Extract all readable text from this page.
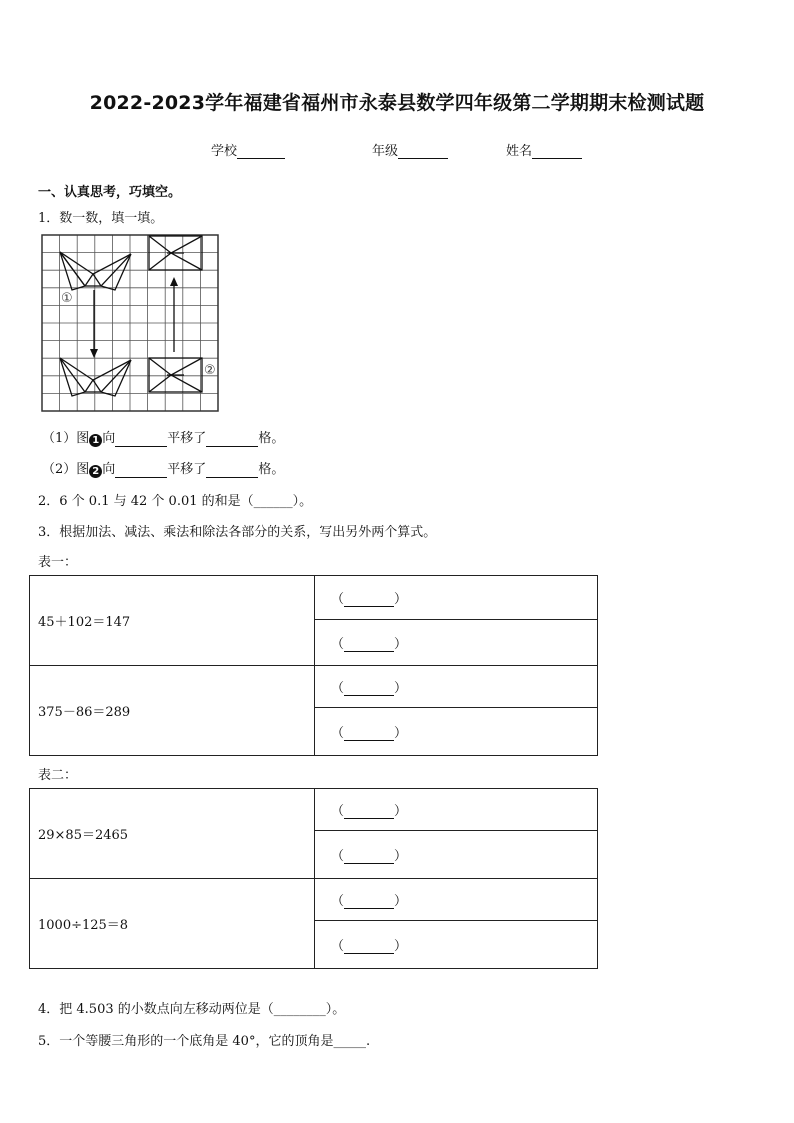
2022-2023学年福建省福州市永泰县数学四年级第二学期期末检测试题
学校	年级	姓名
一、认真思考，巧填空。
1．数一数，填一填。
①
②
（1）图 1 向	平移了	格。
（2）图 2 向	平移了	格。
2．6 个 0.1 与 42 个 0.01 的和是（______）。
3．根据加法、减法、乘法和除法各部分的关系，写出另外两个算式。
表一：
45＋102＝147	（ ）
	（ ）
375－86＝289	（ ）
	（ ）
表二：
29×85＝2465	（ ）
	（ ）
1000÷125＝8	（ ）
	（ ）
4．把 4.503 的小数点向左移动两位是（________）。
5．一个等腰三角形的一个底角是 40°，它的顶角是_____.
